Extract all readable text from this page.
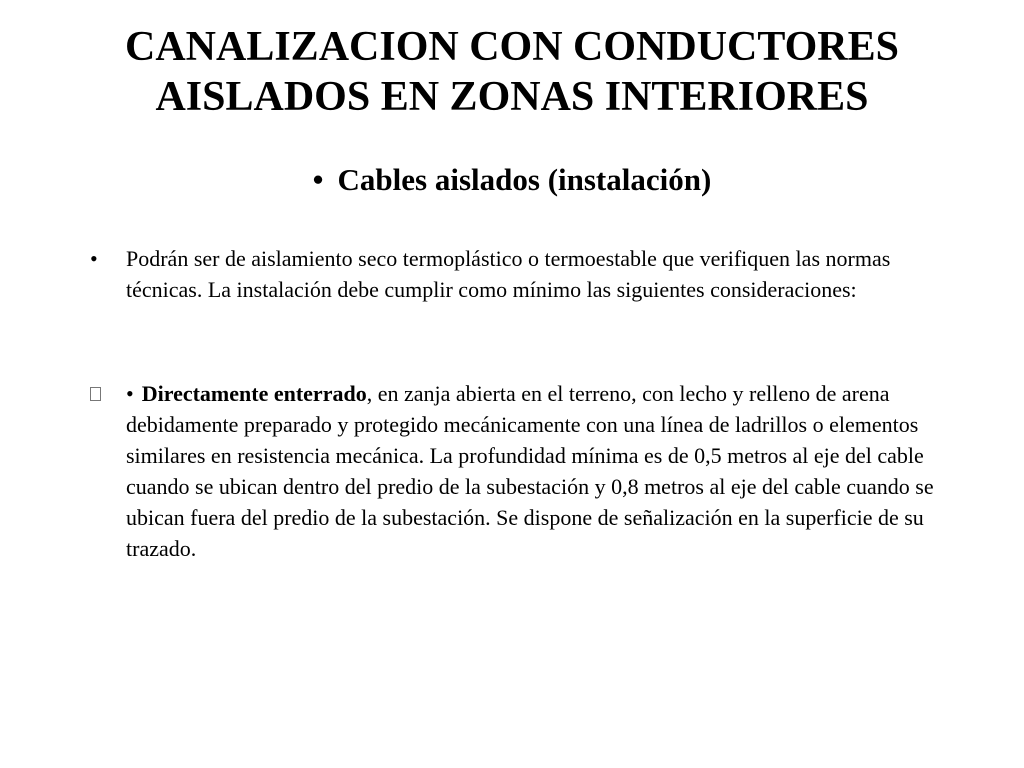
CANALIZACION CON CONDUCTORES
AISLADOS EN ZONAS INTERIORES
• Cables aislados (instalación)

•	Podrán ser de aislamiento seco termoplástico o termoestable que verifiquen las normas técnicas. La instalación debe cumplir como mínimo las siguientes consideraciones:

• Directamente enterrado, en zanja abierta en el terreno, con lecho y relleno de arena debidamente preparado y protegido mecánicamente con una línea de ladrillos o elementos similares en resistencia mecánica. La profundidad mínima es de 0,5 metros al eje del cable cuando se ubican dentro del predio de la subestación y 0,8 metros al eje del cable cuando se ubican fuera del predio de la subestación. Se dispone de señalización en la superficie de su trazado.
